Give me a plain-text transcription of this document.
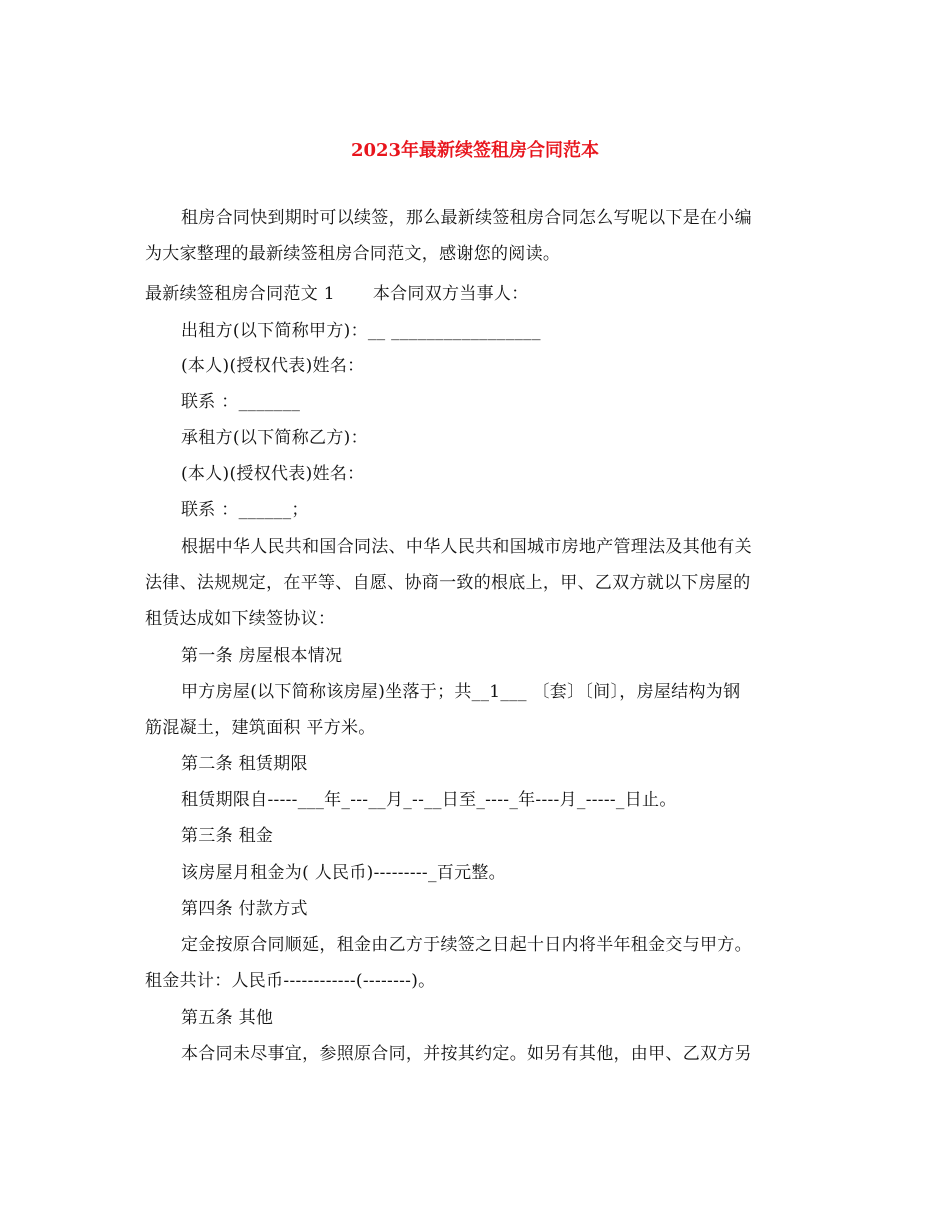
2023年最新续签租房合同范本
租房合同快到期时可以续签，那么最新续签租房合同怎么写呢以下是在小编
为大家整理的最新续签租房合同范文，感谢您的阅读。
最新续签租房合同范文 1 本合同双方当事人：
出租方(以下简称甲方)：__ _________________
(本人)(授权代表)姓名：
联系 ：_______
承租方(以下简称乙方)：
(本人)(授权代表)姓名：
联系 ：______；
根据中华人民共和国合同法、中华人民共和国城市房地产管理法及其他有关
法律、法规规定，在平等、自愿、协商一致的根底上，甲、乙双方就以下房屋的
租赁达成如下续签协议：
第一条 房屋根本情况
甲方房屋(以下简称该房屋)坐落于；共__1___ 〔套〕〔间〕，房屋结构为钢
筋混凝土，建筑面积 平方米。
第二条 租赁期限
租赁期限自-----___年_---__月_--__日至_----_年----月_-----_日止。
第三条 租金
该房屋月租金为( 人民币)---------_百元整。
第四条 付款方式
定金按原合同顺延，租金由乙方于续签之日起十日内将半年租金交与甲方。
租金共计：人民币------------(--------)。
第五条 其他
本合同未尽事宜，参照原合同，并按其约定。如另有其他，由甲、乙双方另
